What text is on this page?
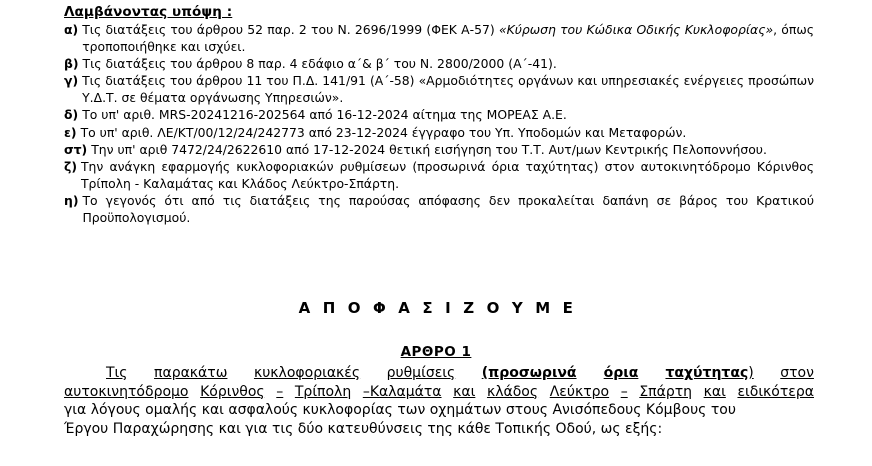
Λαμβάνοντας υπόψη :
α) Τις διατάξεις του άρθρου 52 παρ. 2 του Ν. 2696/1999 (ΦΕΚ Α-57) «Κύρωση του Κώδικα Οδικής Κυκλοφορίας», όπως τροποποιήθηκε και ισχύει.
β) Τις διατάξεις του άρθρου 8 παρ. 4 εδάφιο α΄& β΄ του Ν. 2800/2000 (Α΄-41).
γ) Τις διατάξεις του άρθρου 11 του Π.Δ. 141/91 (Α΄-58) «Αρμοδιότητες οργάνων και υπηρεσιακές ενέργειες προσώπων Υ.Δ.Τ. σε θέματα οργάνωσης Υπηρεσιών».
δ) Το υπ' αριθ. MRS-20241216-202564 από 16-12-2024 αίτημα της ΜΟΡΕΑΣ Α.Ε.
ε) Το υπ' αριθ. ΛΕ/ΚΤ/00/12/24/242773 από 23-12-2024 έγγραφο του Υπ. Υποδομών και Μεταφορών.
στ) Την υπ' αριθ 7472/24/2622610 από 17-12-2024 θετική εισήγηση του Τ.Τ. Αυτ/μων Κεντρικής Πελοποννήσου.
ζ) Την ανάγκη εφαρμογής κυκλοφοριακών ρυθμίσεων (προσωρινά όρια ταχύτητας) στον αυτοκινητόδρομο Κόρινθος Τρίπολη - Καλαμάτας και Κλάδος Λεύκτρο-Σπάρτη.
η) Το γεγονός ότι από τις διατάξεις της παρούσας απόφασης δεν προκαλείται δαπάνη σε βάρος του Κρατικού Προϋπολογισμού.
ΑΠΟΦΑΣΙΖΟΥΜΕ
ΑΡΘΡΟ 1
Τις παρακάτω κυκλοφοριακές ρυθμίσεις (προσωρινά όρια ταχύτητας) στον
αυτοκινητόδρομο Κόρινθος – Τρίπολη –Καλαμάτα και κλάδος Λεύκτρο – Σπάρτη και ειδικότερα
για λόγους ομαλής και ασφαλούς κυκλοφορίας των οχημάτων στους Ανισόπεδους Κόμβους του
Έργου Παραχώρησης και για τις δύο κατευθύνσεις της κάθε Τοπικής Οδού, ως εξής:
